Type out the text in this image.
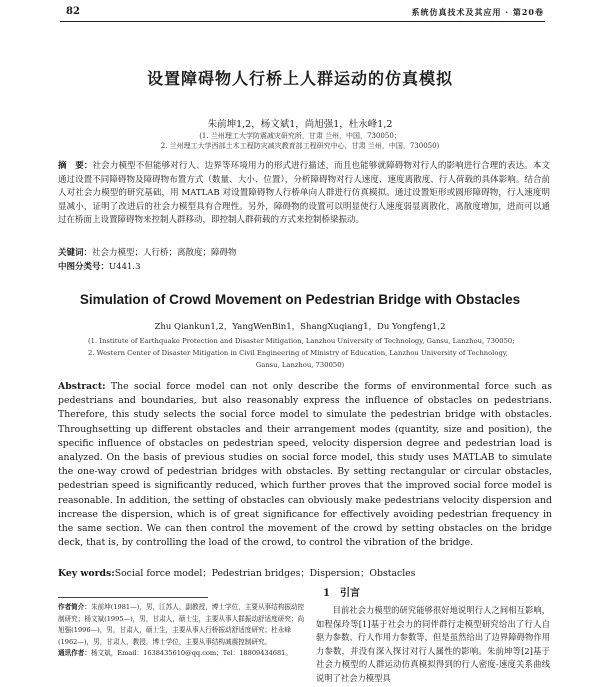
82	系统仿真技术及其应用 · 第20卷
设置障碍物人行桥上人群运动的仿真模拟
朱前坤1,2，杨文斌1，尚旭强1，杜永峰1,2
(1. 兰州理工大学防震减灾研究所，甘肃 兰州，中国，730050；
2. 兰州理工大学西部土木工程防灾减灾教育部工程研究中心，甘肃 兰州，中国，730050)
摘　要：社会力模型不但能够对行人、边界等环境用力的形式进行描述，而且也能够就障碍物对行人的影响进行合理的表达。本文通过设置不同障碍物及障碍物布置方式（数量、大小、位置），分析障碍物对行人速度、速度离散度、行人荷载的具体影响。结合前人对社会力模型的研究基础，用 MATLAB 对设置障碍物人行桥单向人群进行仿真模拟。通过设置矩形或圆形障碍物，行人速度明显减小，证明了改进后的社会力模型具有合理性。另外，障碍物的设置可以明显使行人速度弱显离散化，离散度增加，进而可以通过在桥面上设置障碍物来控制人群移动，即控制人群荷载的方式来控制桥梁振动。
关键词：社会力模型；人行桥；离散度；障碍物
中图分类号：U441.3
Simulation of Crowd Movement on Pedestrian Bridge with Obstacles
Zhu Qiankun1,2，YangWenBin1，ShangXuqiang1，Du Yongfeng1,2
(1. Institute of Earthquake Protection and Disaster Mitigation, Lanzhou University of Technology, Gansu, Lanzhou, 730050;
2. Western Center of Disaster Mitigation in Civil Engineering of Ministry of Education, Lanzhou University of Technology,
Gansu, Lanzhou, 730050)
Abstract: The social force model can not only describe the forms of environmental force such as pedestrians and boundaries, but also reasonably express the influence of obstacles on pedestrians. Therefore, this study selects the social force model to simulate the pedestrian bridge with obstacles. Throughsetting up different obstacles and their arrangement modes (quantity, size and position), the specific influence of obstacles on pedestrian speed, velocity dispersion degree and pedestrian load is analyzed. On the basis of previous studies on social force model, this study uses MATLAB to simulate the one-way crowd of pedestrian bridges with obstacles. By setting rectangular or circular obstacles, pedestrian speed is significantly reduced, which further proves that the improved social force model is reasonable. In addition, the setting of obstacles can obviously make pedestrians velocity dispersion and increase the dispersion, which is of great significance for effectively avoiding pedestrian frequency in the same section. We can then control the movement of the crowd by setting obstacles on the bridge deck, that is, by controlling the load of the crowd, to control the vibration of the bridge.
Key words:Social force model；Pedestrian bridges；Dispersion；Obstacles
作者简介：朱前坤(1981—)，男，江苏人，副教授，博士学位，主要从事结构振动控制研究；杨文斌(1995—)，男，甘肃人，硕士生，主要从事人群振动舒适度研究；尚旭强(1996—)，男，甘肃人，硕士生，主要从事人行桥振动舒适度研究；杜永峰(1962—)，男，甘肃人，教授，博士学位，主要从事结构减震控制研究。
通讯作者：杨文斌，Email：1638435610@qq.com；Tel：18809434681。
1 引言
目前社会力模型的研究能够很好地说明行人之间相互影响，如程保玲等[1]基于社会力的同伴群行走模型研究给出了行人自驱力参数、行人作用力参数等，但是虽然给出了边界障碍物作用力参数，并没有深入探讨对行人属性的影响。朱前坤等[2]基于社会力模型的人群运动仿真模拟得到的行人密度-速度关系曲线说明了社会力模型具
